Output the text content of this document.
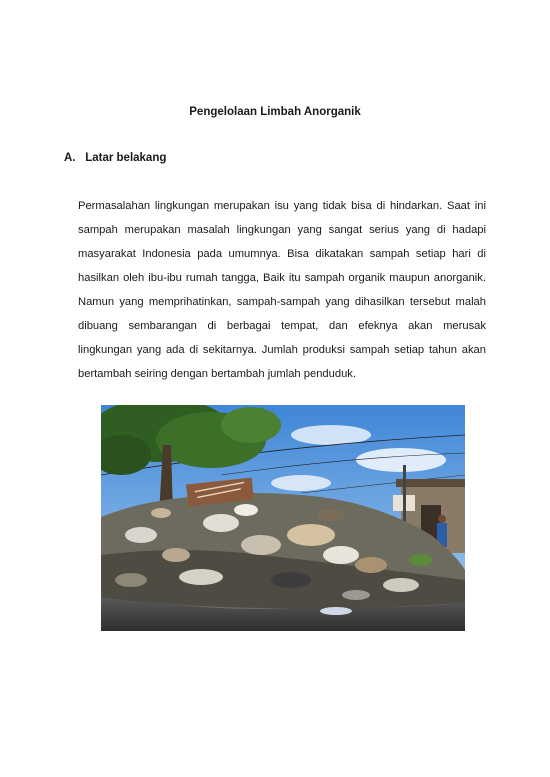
Pengelolaan Limbah Anorganik
A. Latar belakang
Permasalahan lingkungan merupakan isu yang tidak bisa di hindarkan. Saat ini
sampah merupakan masalah lingkungan yang sangat serius yang di hadapi
masyarakat Indonesia pada umumnya. Bisa dikatakan sampah setiap hari di
hasilkan oleh ibu-ibu rumah tangga, Baik itu sampah organik maupun anorganik.
Namun yang memprihatinkan, sampah-sampah yang dihasilkan tersebut malah
dibuang sembarangan di berbagai tempat, dan efeknya akan merusak
lingkungan yang ada di sekitarnya. Jumlah produksi sampah setiap tahun akan
bertambah seiring dengan bertambah jumlah penduduk.
